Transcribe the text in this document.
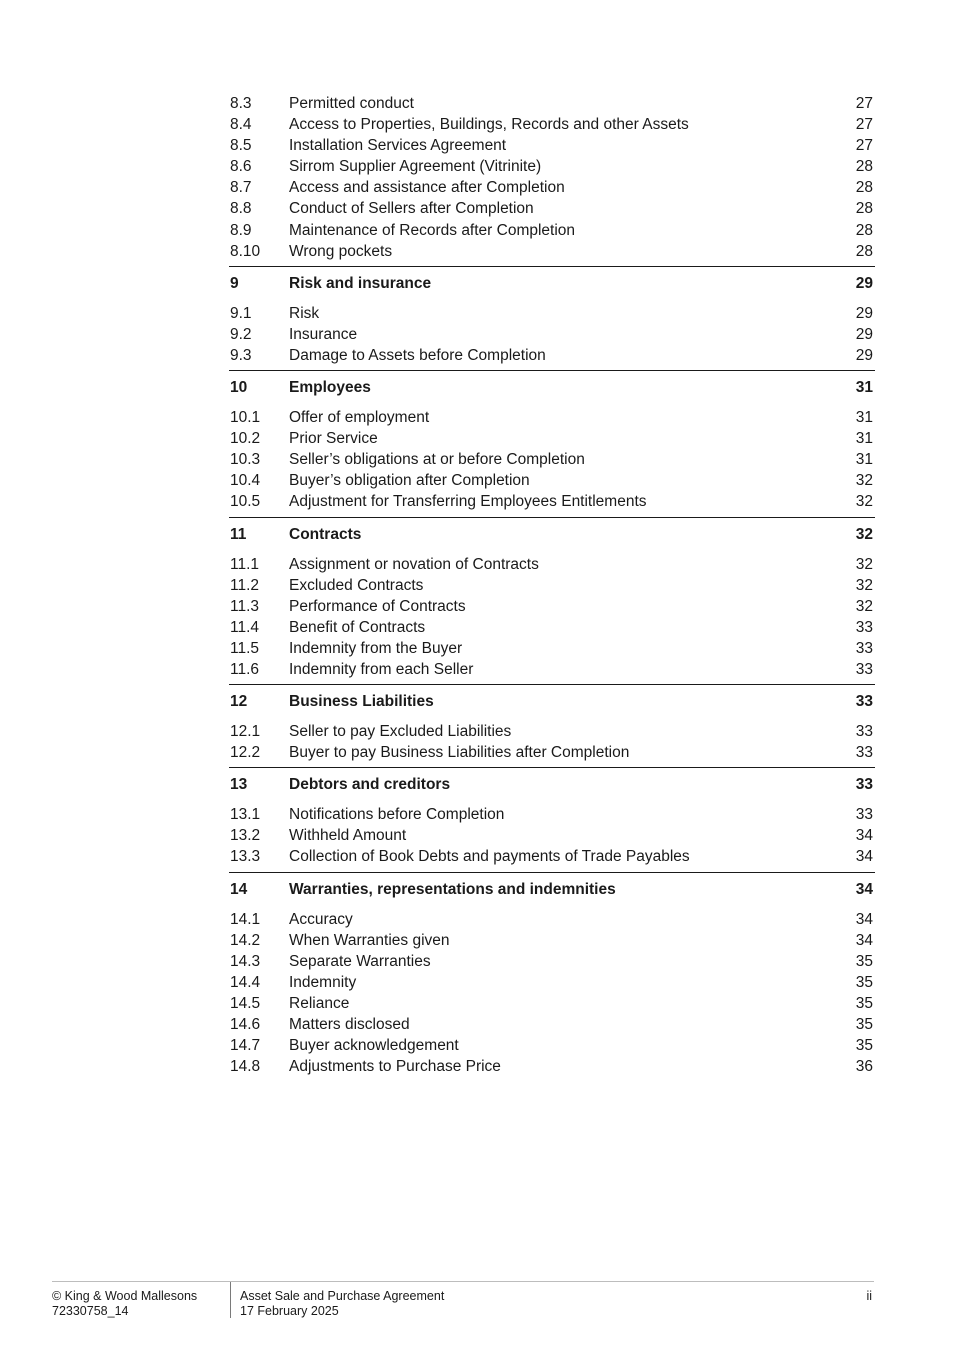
8.3 Permitted conduct	27
8.4 Access to Properties, Buildings, Records and other Assets	27
8.5 Installation Services Agreement	27
8.6 Sirrom Supplier Agreement (Vitrinite)	28
8.7 Access and assistance after Completion	28
8.8 Conduct of Sellers after Completion	28
8.9 Maintenance of Records after Completion	28
8.10 Wrong pockets	28
9	Risk and insurance	29
9.1 Risk	29
9.2 Insurance	29
9.3 Damage to Assets before Completion	29
10	Employees	31
10.1 Offer of employment	31
10.2 Prior Service	31
10.3 Seller’s obligations at or before Completion	31
10.4 Buyer’s obligation after Completion	32
10.5 Adjustment for Transferring Employees Entitlements	32
11	Contracts	32
11.1 Assignment or novation of Contracts	32
11.2 Excluded Contracts	32
11.3 Performance of Contracts	32
11.4 Benefit of Contracts	33
11.5 Indemnity from the Buyer	33
11.6 Indemnity from each Seller	33
12	Business Liabilities	33
12.1 Seller to pay Excluded Liabilities	33
12.2 Buyer to pay Business Liabilities after Completion	33
13	Debtors and creditors	33
13.1 Notifications before Completion	33
13.2 Withheld Amount	34
13.3 Collection of Book Debts and payments of Trade Payables	34
14	Warranties, representations and indemnities	34
14.1 Accuracy	34
14.2 When Warranties given	34
14.3 Separate Warranties	35
14.4 Indemnity	35
14.5 Reliance	35
14.6 Matters disclosed	35
14.7 Buyer acknowledgement	35
14.8 Adjustments to Purchase Price	36
© King & Wood Mallesons
72330758_14
Asset Sale and Purchase Agreement
17 February 2025
ii
